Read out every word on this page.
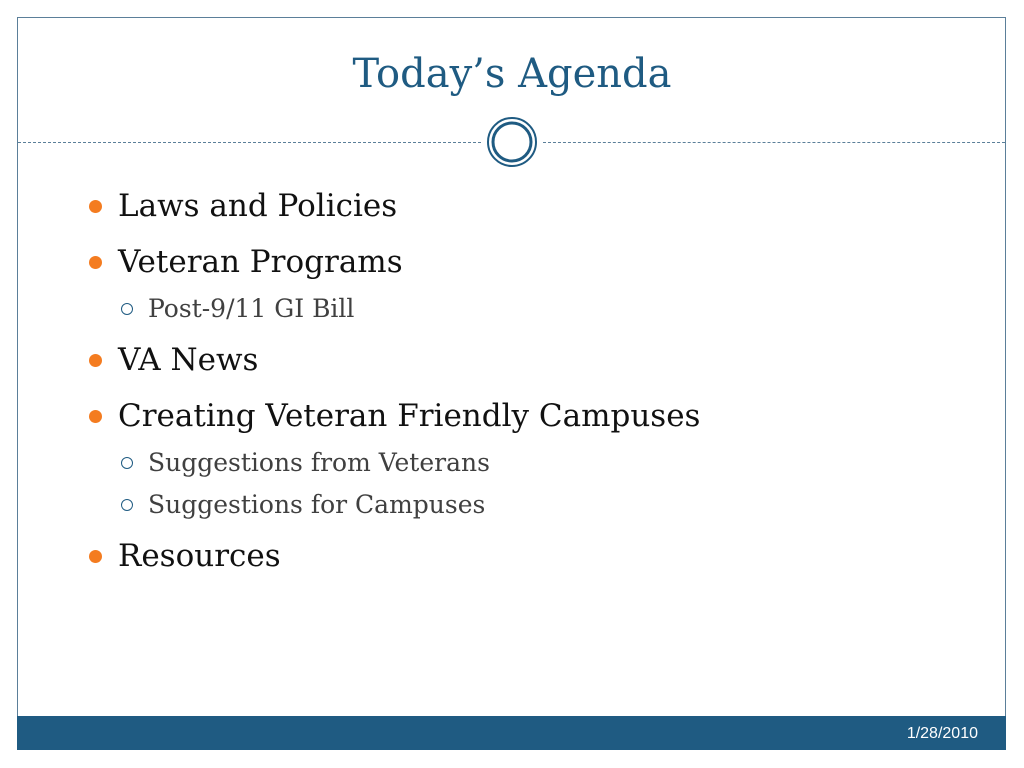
Today’s Agenda
Laws and Policies
Veteran Programs
Post-9/11 GI Bill
VA News
Creating Veteran Friendly Campuses
Suggestions from Veterans
Suggestions for Campuses
Resources
1/28/2010
